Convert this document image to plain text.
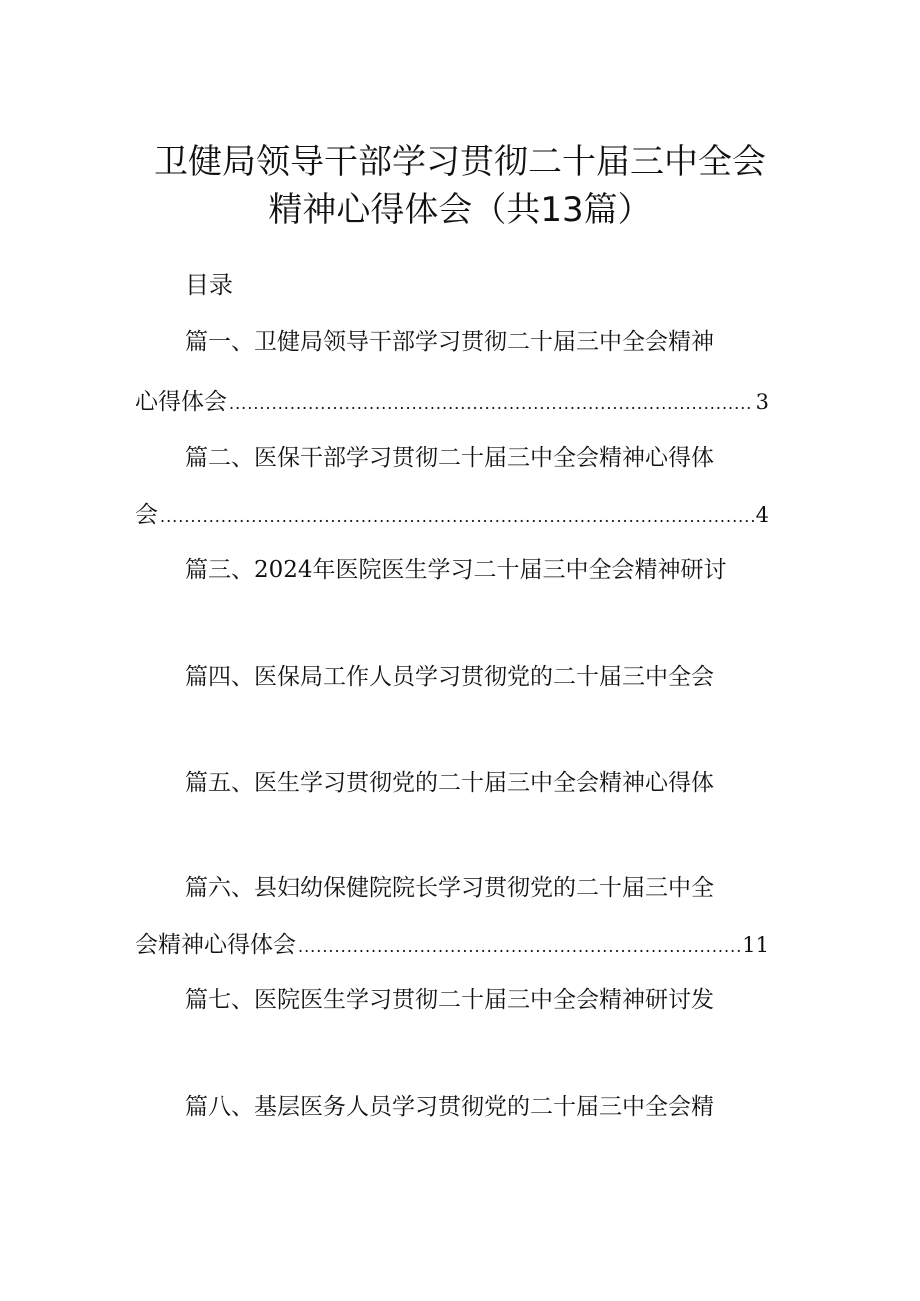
卫健局领导干部学习贯彻二十届三中全会
精神心得体会（共13篇）
目录
篇一、卫健局领导干部学习贯彻二十届三中全会精神
心得体会 .....	3
篇二、医保干部学习贯彻二十届三中全会精神心得体
会 .....	4
篇三、2024年医院医生学习二十届三中全会精神研讨
篇四、医保局工作人员学习贯彻党的二十届三中全会
篇五、医生学习贯彻党的二十届三中全会精神心得体
篇六、县妇幼保健院院长学习贯彻党的二十届三中全
会精神心得体会 .....	11
篇七、医院医生学习贯彻二十届三中全会精神研讨发
篇八、基层医务人员学习贯彻党的二十届三中全会精
